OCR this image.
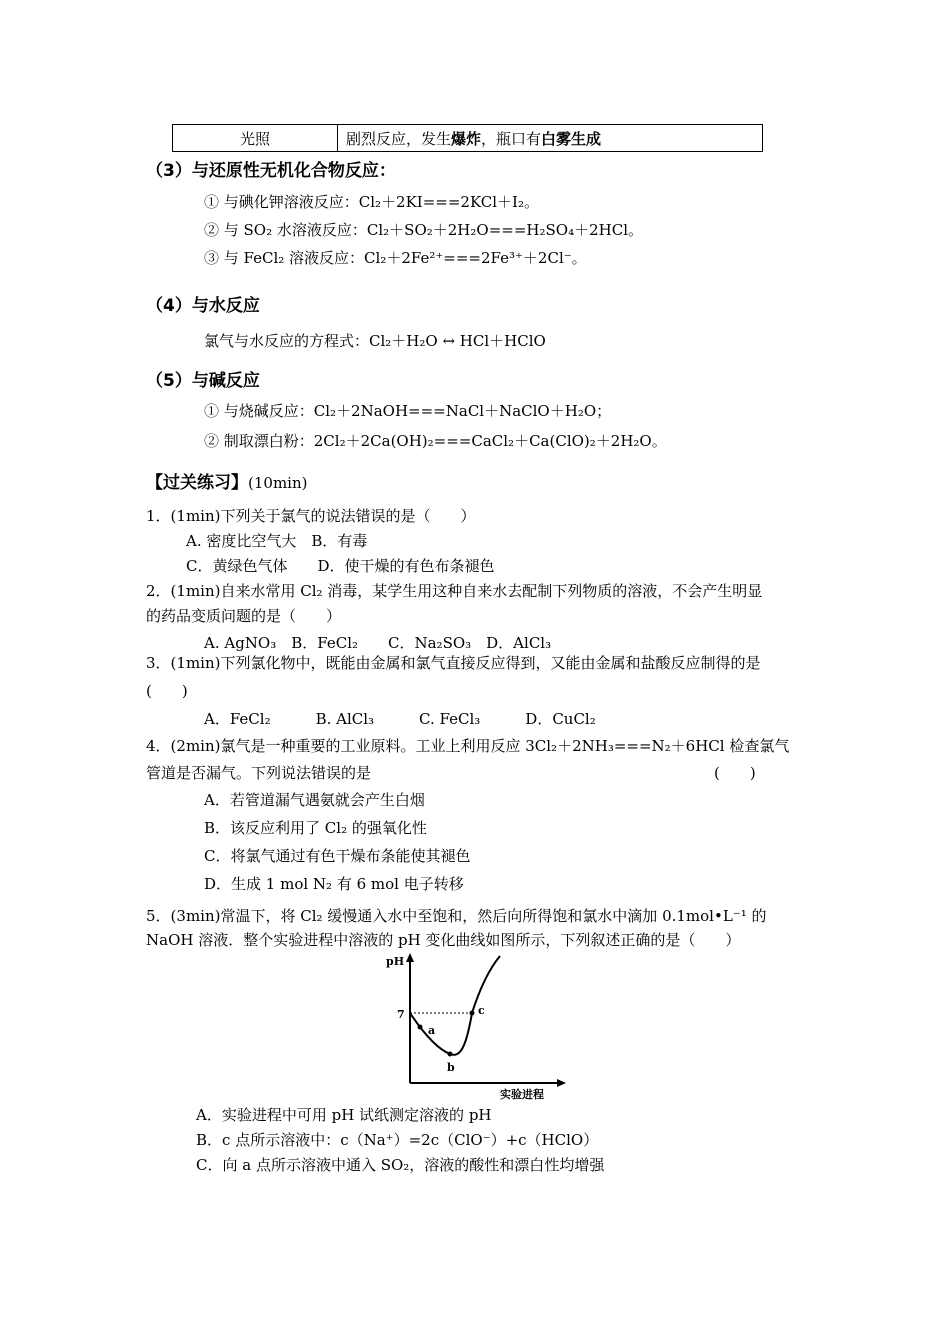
光照	剧烈反应，发生爆炸，瓶口有白雾生成
（3）与还原性无机化合物反应：
① 与碘化钾溶液反应：Cl₂＋2KI===2KCl＋I₂。
② 与 SO₂ 水溶液反应：Cl₂＋SO₂＋2H₂O===H₂SO₄＋2HCl。
③ 与 FeCl₂ 溶液反应：Cl₂＋2Fe²⁺===2Fe³⁺＋2Cl⁻。
（4）与水反应
氯气与水反应的方程式：Cl₂＋H₂O ↔ HCl＋HClO
（5）与碱反应
① 与烧碱反应：Cl₂＋2NaOH===NaCl＋NaClO＋H₂O；
② 制取漂白粉：2Cl₂＋2Ca(OH)₂===CaCl₂＋Ca(ClO)₂＋2H₂O。
【过关练习】(10min)
1．(1min)下列关于氯气的说法错误的是（　　）
A. 密度比空气大　B．有毒
C．黄绿色气体　　D．使干燥的有色布条褪色
2．(1min)自来水常用 Cl₂ 消毒，某学生用这种自来水去配制下列物质的溶液，不会产生明显
的药品变质问题的是（　　）
A. AgNO₃　B．FeCl₂　　C．Na₂SO₃　D．AlCl₃
3．(1min)下列氯化物中，既能由金属和氯气直接反应得到，又能由金属和盐酸反应制得的是
(　　)
A．FeCl₂　　　B. AlCl₃　　　C. FeCl₃　　　D．CuCl₂
4．(2min)氯气是一种重要的工业原料。工业上利用反应 3Cl₂＋2NH₃===N₂＋6HCl 检查氯气
管道是否漏气。下列说法错误的是	(　　)
A．若管道漏气遇氨就会产生白烟
B．该反应利用了 Cl₂ 的强氧化性
C．将氯气通过有色干燥布条能使其褪色
D．生成 1 mol N₂ 有 6 mol 电子转移
5．(3min)常温下，将 Cl₂ 缓慢通入水中至饱和，然后向所得饱和氯水中滴加 0.1mol•L⁻¹ 的
NaOH 溶液．整个实验进程中溶液的 pH 变化曲线如图所示，下列叙述正确的是（　　）
pH
7
a
b
c
实验进程
A．实验进程中可用 pH 试纸测定溶液的 pH
B．c 点所示溶液中：c（Na⁺）=2c（ClO⁻）+c（HClO）
C．向 a 点所示溶液中通入 SO₂，溶液的酸性和漂白性均增强
